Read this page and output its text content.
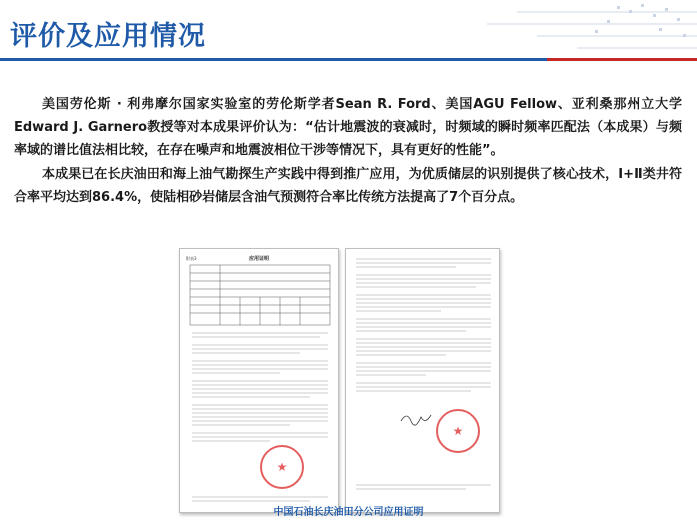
评价及应用情况

美国劳伦斯 · 利弗摩尔国家实验室的劳伦斯学者Sean R. Ford、美国AGU Fellow、亚利桑那州立大学Edward J. Garnero教授等对本成果评价认为：“估计地震波的衰减时，时频域的瞬时频率匹配法（本成果）与频率域的谱比值法相比较，在存在噪声和地震波相位干涉等情况下，具有更好的性能”。

本成果已在长庆油田和海上油气勘探生产实践中得到推广应用，为优质储层的识别提供了核心技术，Ⅰ+Ⅱ类井符合率平均达到86.4%，使陆相砂岩储层含油气预测符合率比传统方法提高了7个百分点。

附表3	应用证明
★
★
中国石油长庆油田分公司应用证明
